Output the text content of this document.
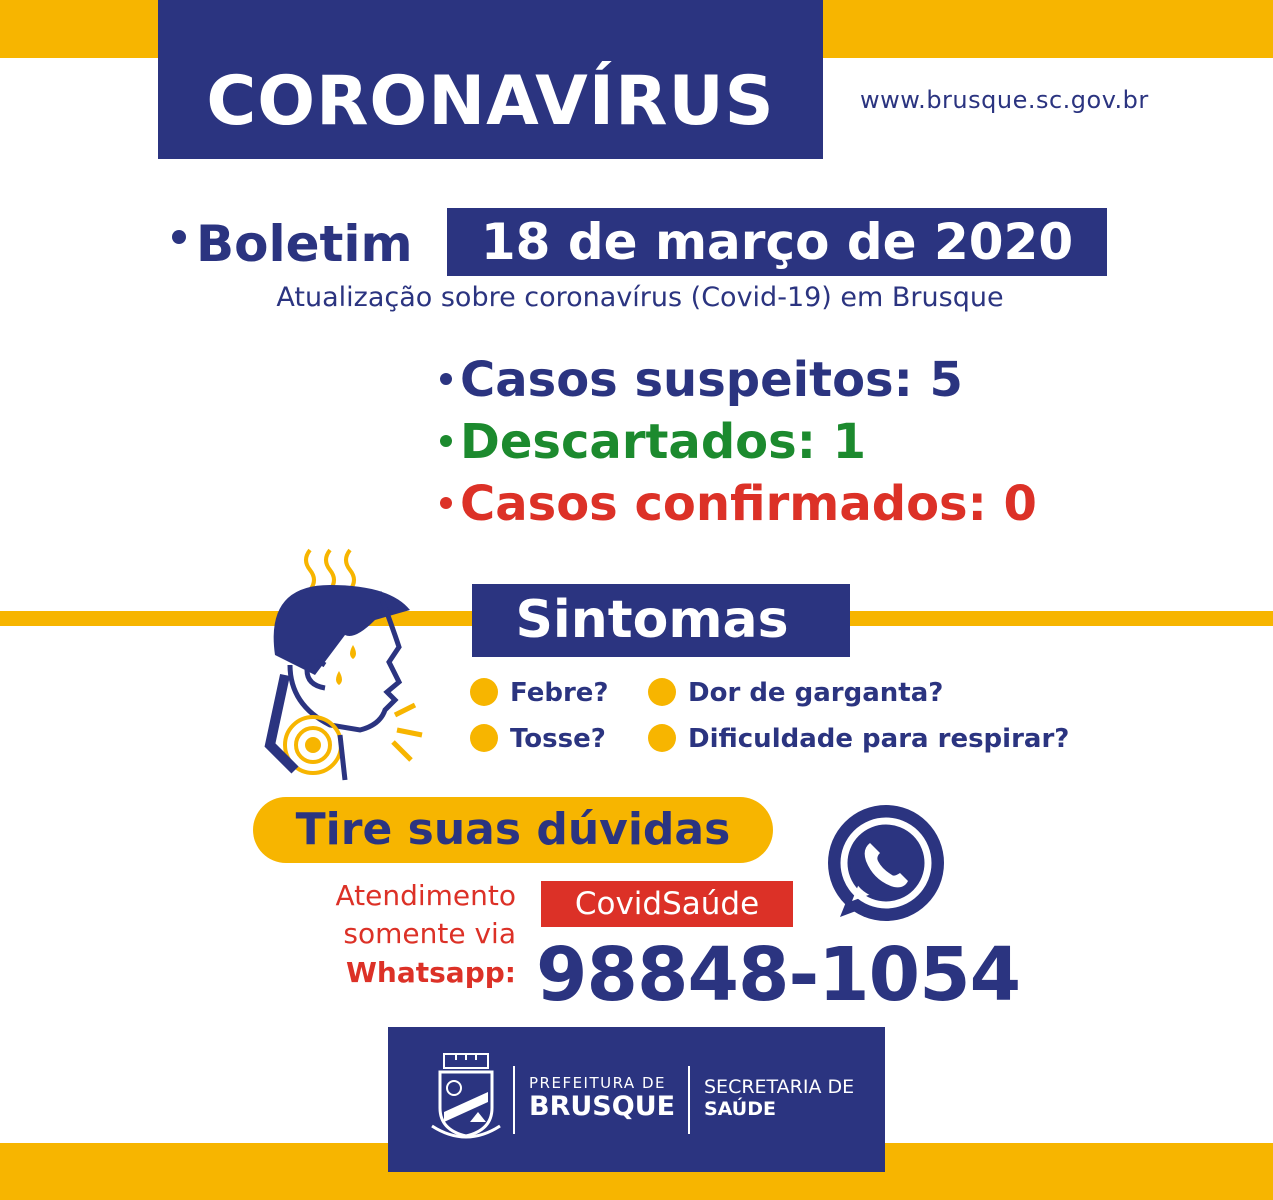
CORONAVÍRUS	www.brusque.sc.gov.br
Boletim	18 de março de 2020
Atualização sobre coronavírus (Covid-19) em Brusque
Casos suspeitos: 5
Descartados: 1
Casos confirmados: 0
Sintomas
Febre?	Dor de garganta?
Tosse?	Dificuldade para respirar?
Tire suas dúvidas
Atendimento
somente via
Whatsapp:
CovidSaúde
98848-1054
PREFEITURA DE
BRUSQUE
SECRETARIA DE
SAÚDE
